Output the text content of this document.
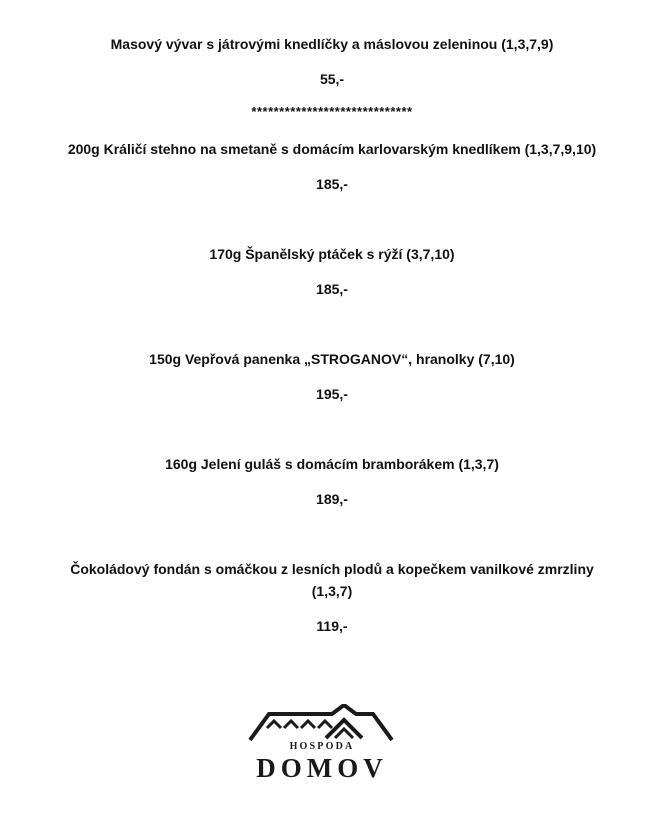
Masový vývar s játrovými knedlíčky a máslovou zeleninou (1,3,7,9)
55,-
*****************************
200g Králičí stehno na smetaně s domácím karlovarským knedlíkem (1,3,7,9,10)
185,-
170g Španělský ptáček s rýží (3,7,10)
185,-
150g Vepřová panenka „STROGANOV“, hranolky (7,10)
195,-
160g Jelení guláš s domácím bramborákem (1,3,7)
189,-
Čokoládový fondán s omáčkou z lesních plodů a kopečkem vanilkové zmrzliny
(1,3,7)
119,-
HOSPODA
DOMOV
